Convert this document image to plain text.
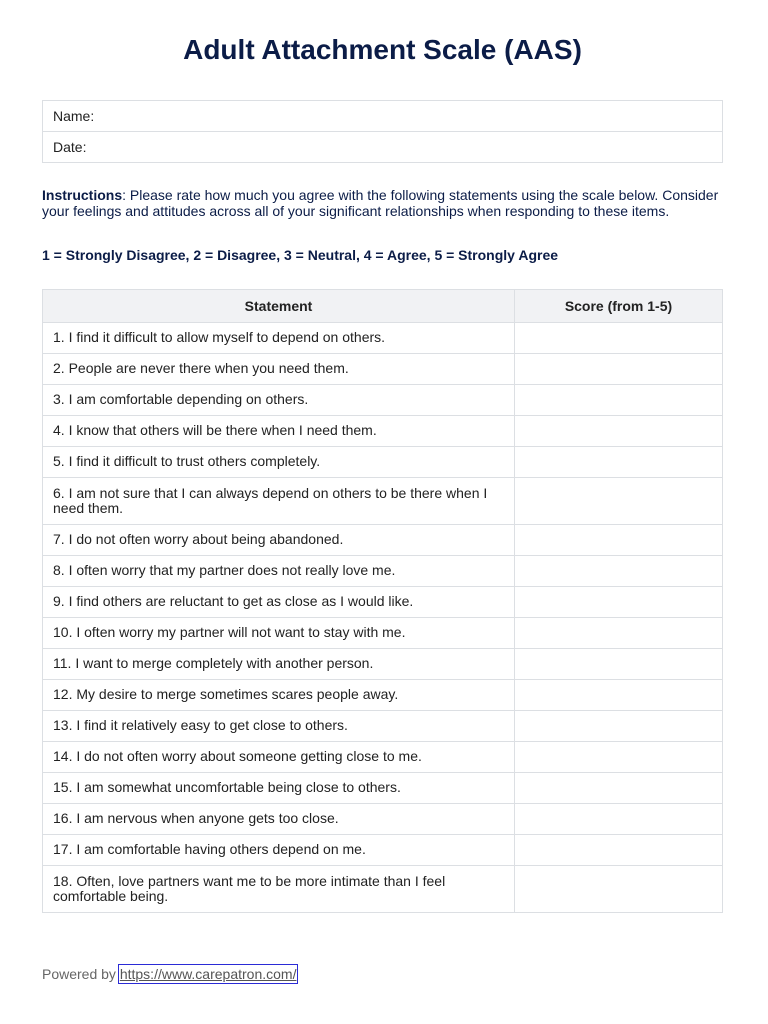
Adult Attachment Scale (AAS)
Name:
Date:
Instructions: Please rate how much you agree with the following statements using the scale below. Consider your feelings and attitudes across all of your significant relationships when responding to these items.
1 = Strongly Disagree, 2 = Disagree, 3 = Neutral, 4 = Agree, 5 = Strongly Agree
Statement	Score (from 1-5)
1. I find it difficult to allow myself to depend on others.	
2. People are never there when you need them.	
3. I am comfortable depending on others.	
4. I know that others will be there when I need them.	
5. I find it difficult to trust others completely.	
6. I am not sure that I can always depend on others to be there when I need them.	
7. I do not often worry about being abandoned.	
8. I often worry that my partner does not really love me.	
9. I find others are reluctant to get as close as I would like.	
10. I often worry my partner will not want to stay with me.	
11. I want to merge completely with another person.	
12. My desire to merge sometimes scares people away.	
13. I find it relatively easy to get close to others.	
14. I do not often worry about someone getting close to me.	
15. I am somewhat uncomfortable being close to others.	
16. I am nervous when anyone gets too close.	
17. I am comfortable having others depend on me.	
18. Often, love partners want me to be more intimate than I feel comfortable being.	
Powered by https://www.carepatron.com/
